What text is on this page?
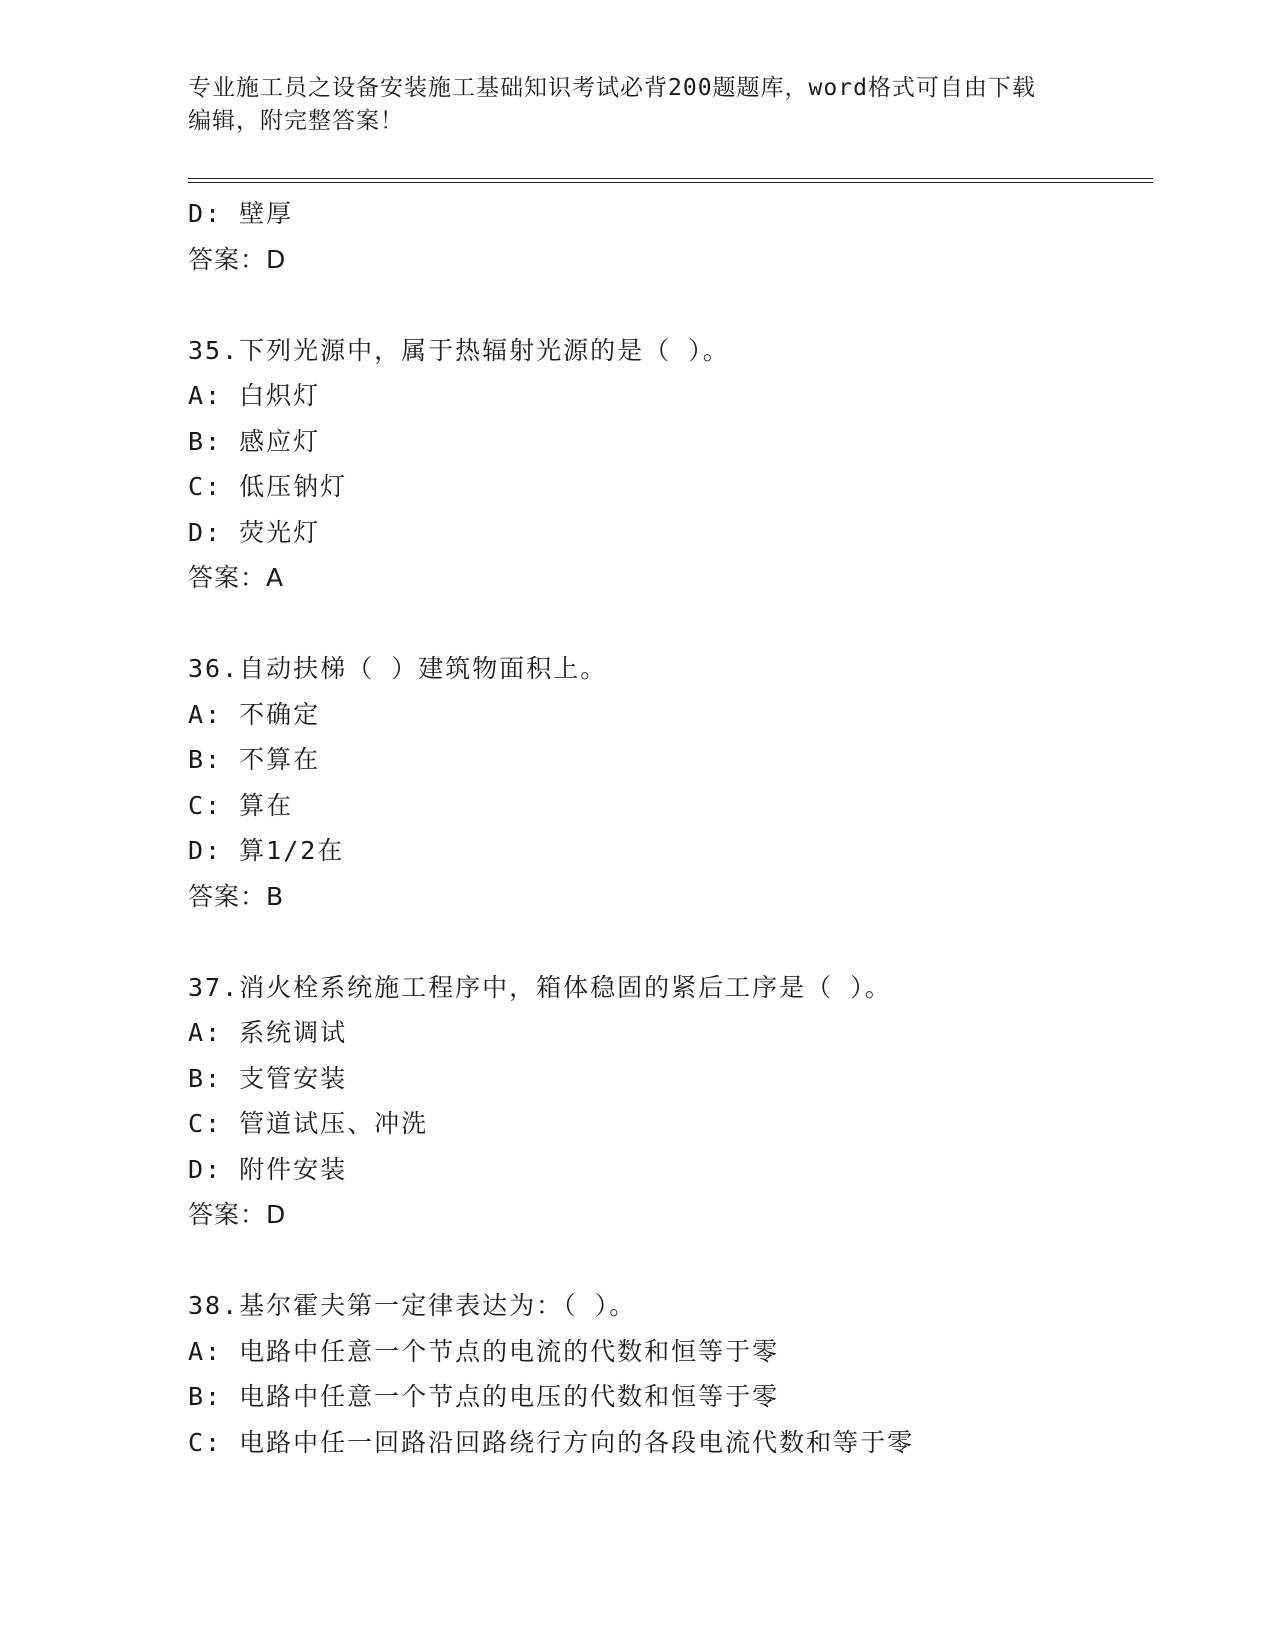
专业施工员之设备安装施工基础知识考试必背200题题库，word格式可自由下载
编辑，附完整答案！
D: 壁厚
答案：D
35.下列光源中，属于热辐射光源的是（ ）。
A: 白炽灯
B: 感应灯
C: 低压钠灯
D: 荧光灯
答案：A
36.自动扶梯（ ）建筑物面积上。
A: 不确定
B: 不算在
C: 算在
D: 算1/2在
答案：B
37.消火栓系统施工程序中，箱体稳固的紧后工序是（ ）。
A: 系统调试
B: 支管安装
C: 管道试压、冲洗
D: 附件安装
答案：D
38.基尔霍夫第一定律表达为：（ ）。
A: 电路中任意一个节点的电流的代数和恒等于零
B: 电路中任意一个节点的电压的代数和恒等于零
C: 电路中任一回路沿回路绕行方向的各段电流代数和等于零
